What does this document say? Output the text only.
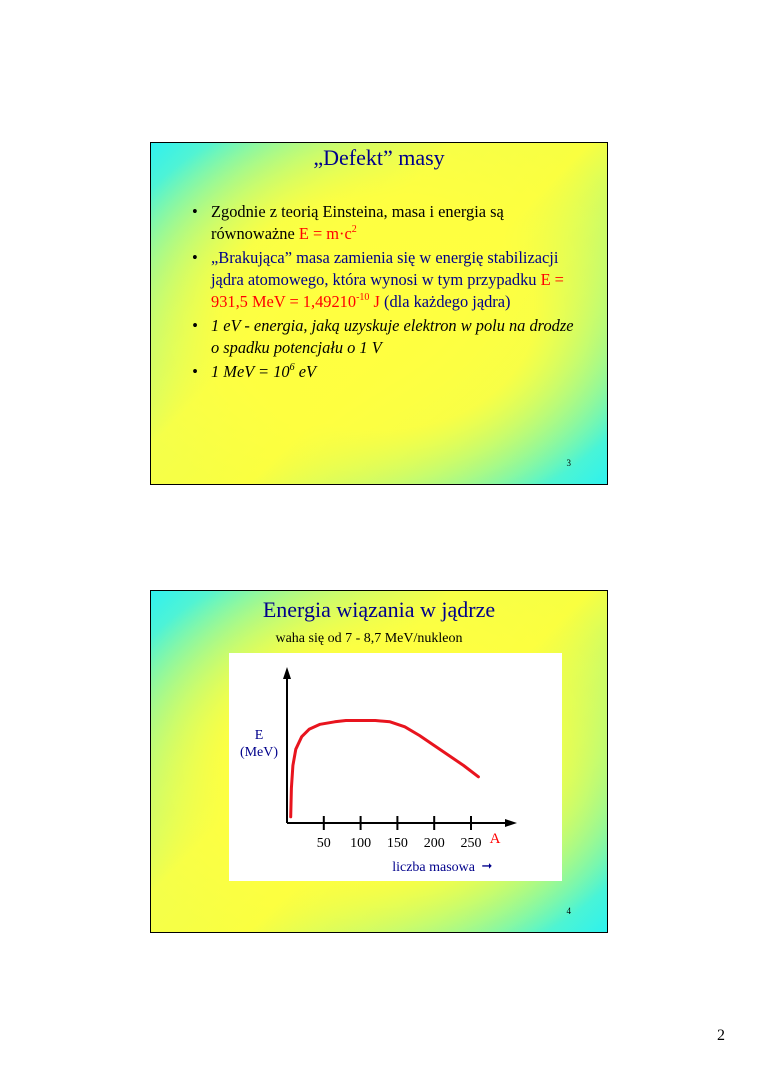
„Defekt” masy
• Zgodnie z teorią Einsteina, masa i energia są równoważne $E = m\cdot c^2$
• „Brakująca” masa zamienia się w energię stabilizacji jądra atomowego, która wynosi w tym przypadku E = 931,5 MeV = $1,49210^{-10}$ J (dla każdego jądra)
• 1 eV - energia, jaką uzyskuje elektron w polu na drodze o spadku potencjału o 1 V
• 1 MeV = $10^6$ eV
3
Energia wiązania w jądrze
waha się od 7 - 8,7 MeV/nukleon
50 100 150 200 250
E
(MeV)
A
liczba masowa ➞
4
2
